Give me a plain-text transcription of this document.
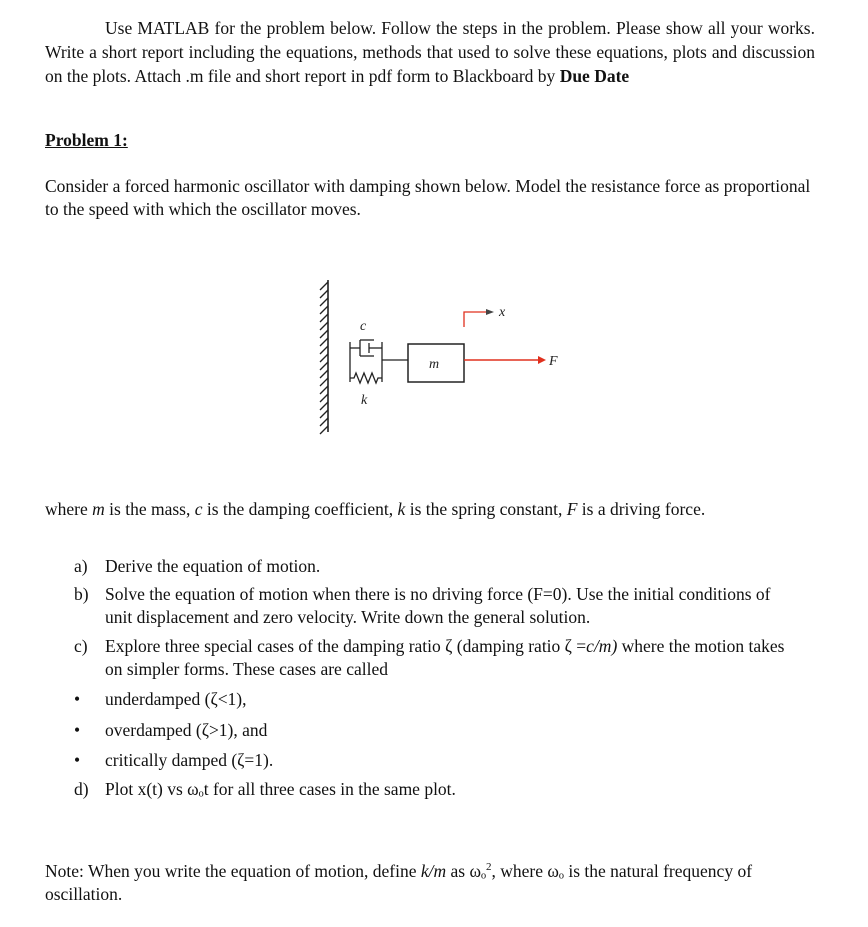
Use MATLAB for the problem below. Follow the steps in the problem. Please show all your works. Write a short report including the equations, methods that used to solve these equations, plots and discussion on the plots. Attach .m file and short report in pdf form to Blackboard by Due Date
Problem 1:
Consider a forced harmonic oscillator with damping shown below. Model the resistance force as proportional to the speed with which the oscillator moves.
m
c
k
F
x
where m is the mass, c is the damping coefficient, k is the spring constant, F is a driving force.
a) Derive the equation of motion.
b) Solve the equation of motion when there is no driving force (F=0). Use the initial conditions of unit displacement and zero velocity. Write down the general solution.
c) Explore three special cases of the damping ratio ζ (damping ratio ζ =c/m) where the motion takes on simpler forms. These cases are called
• underdamped (ζ<1),
• overdamped (ζ>1), and
• critically damped (ζ=1).
d) Plot x(t) vs ωₒt for all three cases in the same plot.
Note: When you write the equation of motion, define k/m as ωₒ$^2$, where ωₒ is the natural frequency of oscillation.
